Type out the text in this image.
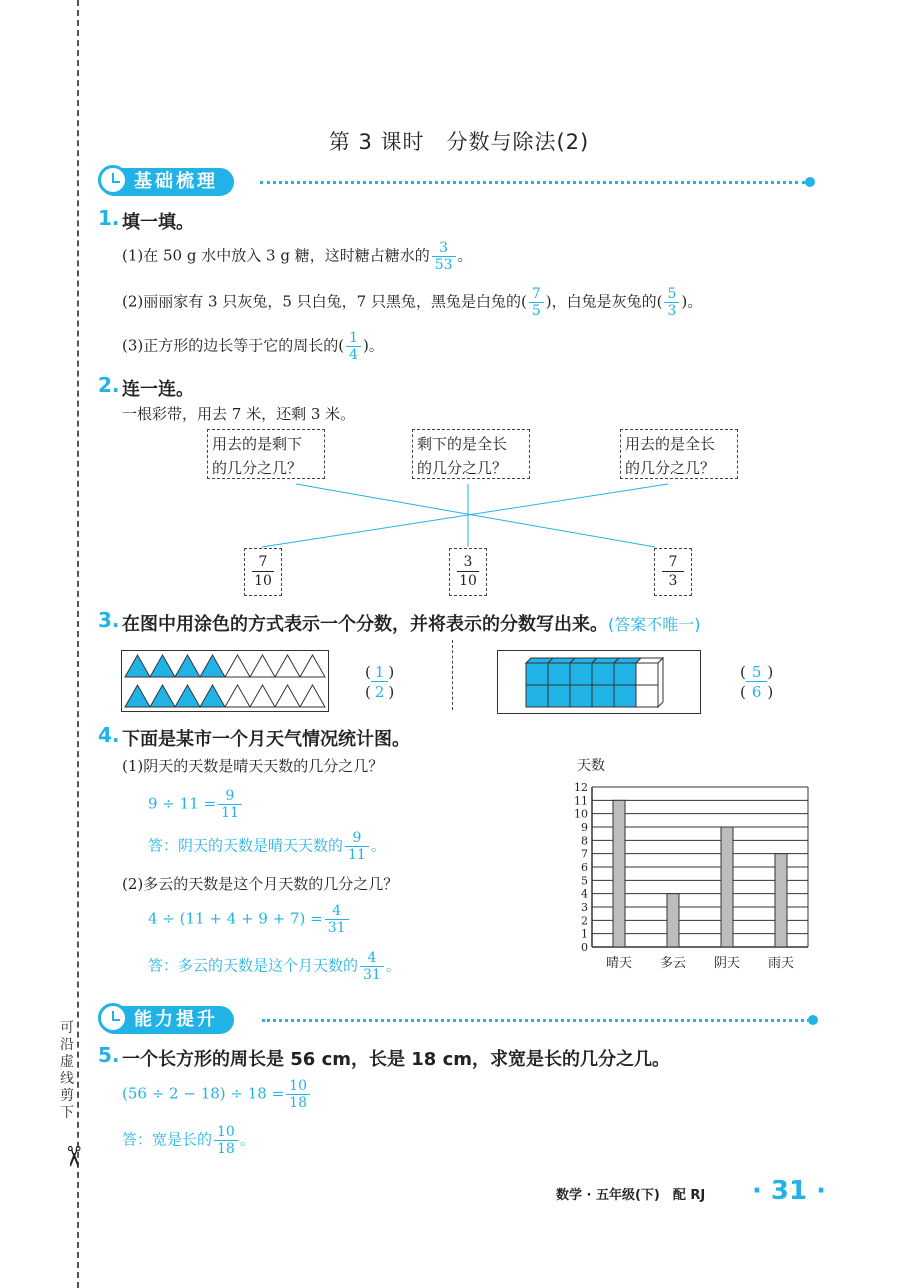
可沿虚线剪下
✂
第 3 课时　分数与除法(2)
基础梳理
1. 填一填。
(1)在 50 g 水中放入 3 g 糖，这时糖占糖水的 $\frac{3}{53}$ 。
(2)丽丽家有 3 只灰兔，5 只白兔，7 只黑兔，黑兔是白兔的( $\frac{7}{5}$ )，白兔是灰兔的( $\frac{5}{3}$ )。
(3)正方形的边长等于它的周长的( $\frac{1}{4}$ )。
2. 连一连。
一根彩带，用去 7 米，还剩 3 米。
用去的是剩下
的几分之几？
剩下的是全长
的几分之几？
用去的是全长
的几分之几？
$\frac{7}{10}$	$\frac{3}{10}$	$\frac{7}{3}$
3. 在图中用涂色的方式表示一个分数，并将表示的分数写出来。(答案不唯一)
( 1 )
( 2 )
( 5 )
( 6 )
4. 下面是某市一个月天气情况统计图。
(1)阴天的天数是晴天天数的几分之几？
$9 \div 11 = \frac{9}{11}$
答：阴天的天数是晴天天数的 $\frac{9}{11}$ 。
(2)多云的天数是这个月天数的几分之几？
$4 \div (11 + 4 + 9 + 7) = \frac{4}{31}$
答：多云的天数是这个月天数的 $\frac{4}{31}$ 。
天数
0
1
2
3
4
5
6
7
8
9
10
11
12
晴天 多云 阴天 雨天
能力提升
5. 一个长方形的周长是 56 cm，长是 18 cm，求宽是长的几分之几。
$(56 \div 2 - 18) \div 18 = \frac{10}{18}$
答：宽是长的 $\frac{10}{18}$ 。
数学 · 五年级(下)　配 RJ · 31 ·
